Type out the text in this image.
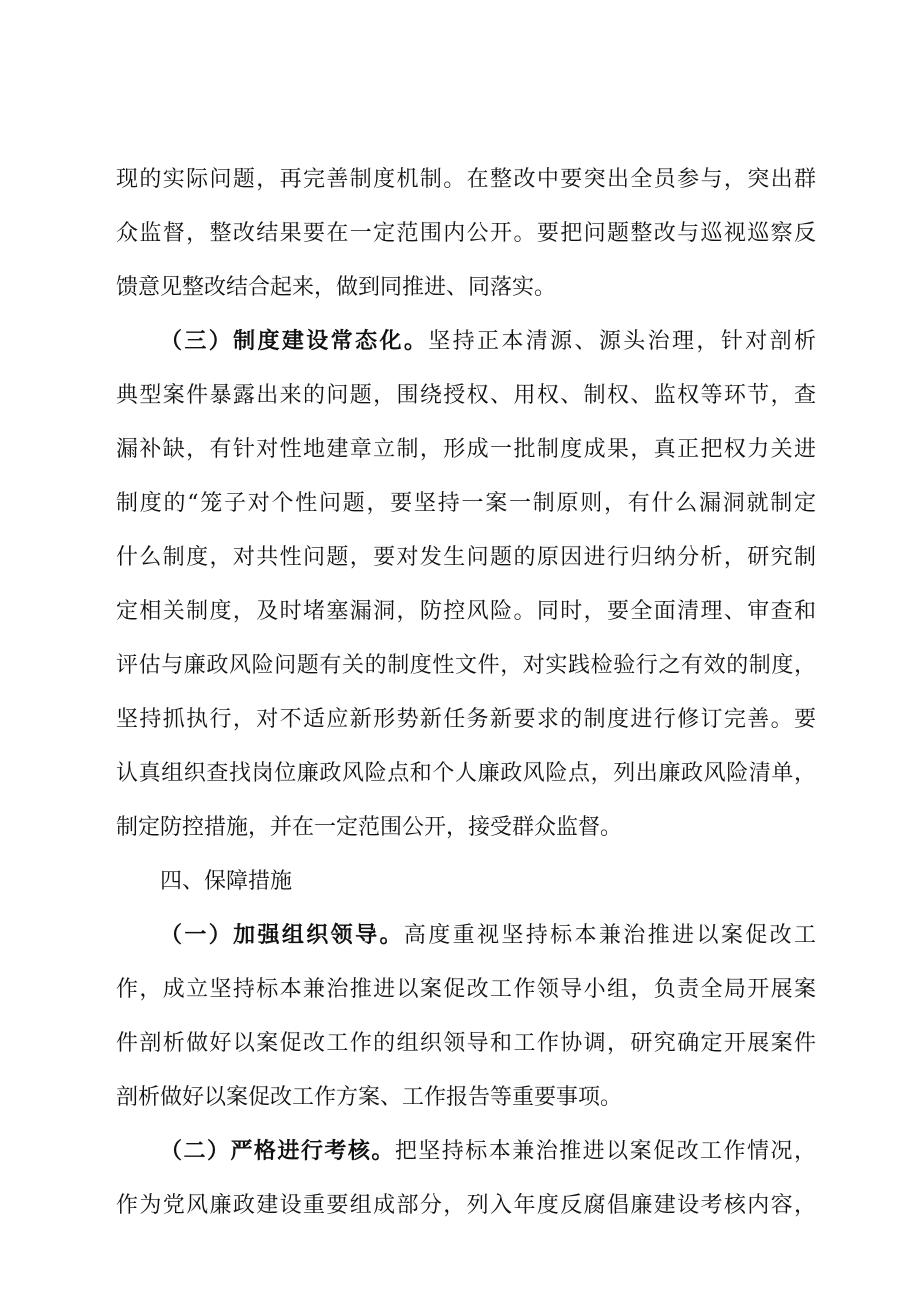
现的实际问题，再完善制度机制。在整改中要突出全员参与，突出群
众监督，整改结果要在一定范围内公开。要把问题整改与巡视巡察反
馈意见整改结合起来，做到同推进、同落实。
（三）制度建设常态化。坚持正本清源、源头治理，针对剖析
典型案件暴露出来的问题，围绕授权、用权、制权、监权等环节，查
漏补缺，有针对性地建章立制，形成一批制度成果，真正把权力关进
制度的“笼子对个性问题，要坚持一案一制原则，有什么漏洞就制定
什么制度，对共性问题，要对发生问题的原因进行归纳分析，研究制
定相关制度，及时堵塞漏洞，防控风险。同时，要全面清理、审查和
评估与廉政风险问题有关的制度性文件，对实践检验行之有效的制度，
坚持抓执行，对不适应新形势新任务新要求的制度进行修订完善。要
认真组织查找岗位廉政风险点和个人廉政风险点，列出廉政风险清单，
制定防控措施，并在一定范围公开，接受群众监督。
四、保障措施
（一）加强组织领导。高度重视坚持标本兼治推进以案促改工
作，成立坚持标本兼治推进以案促改工作领导小组，负责全局开展案
件剖析做好以案促改工作的组织领导和工作协调，研究确定开展案件
剖析做好以案促改工作方案、工作报告等重要事项。
（二）严格进行考核。把坚持标本兼治推进以案促改工作情况，
作为党风廉政建设重要组成部分，列入年度反腐倡廉建设考核内容，
